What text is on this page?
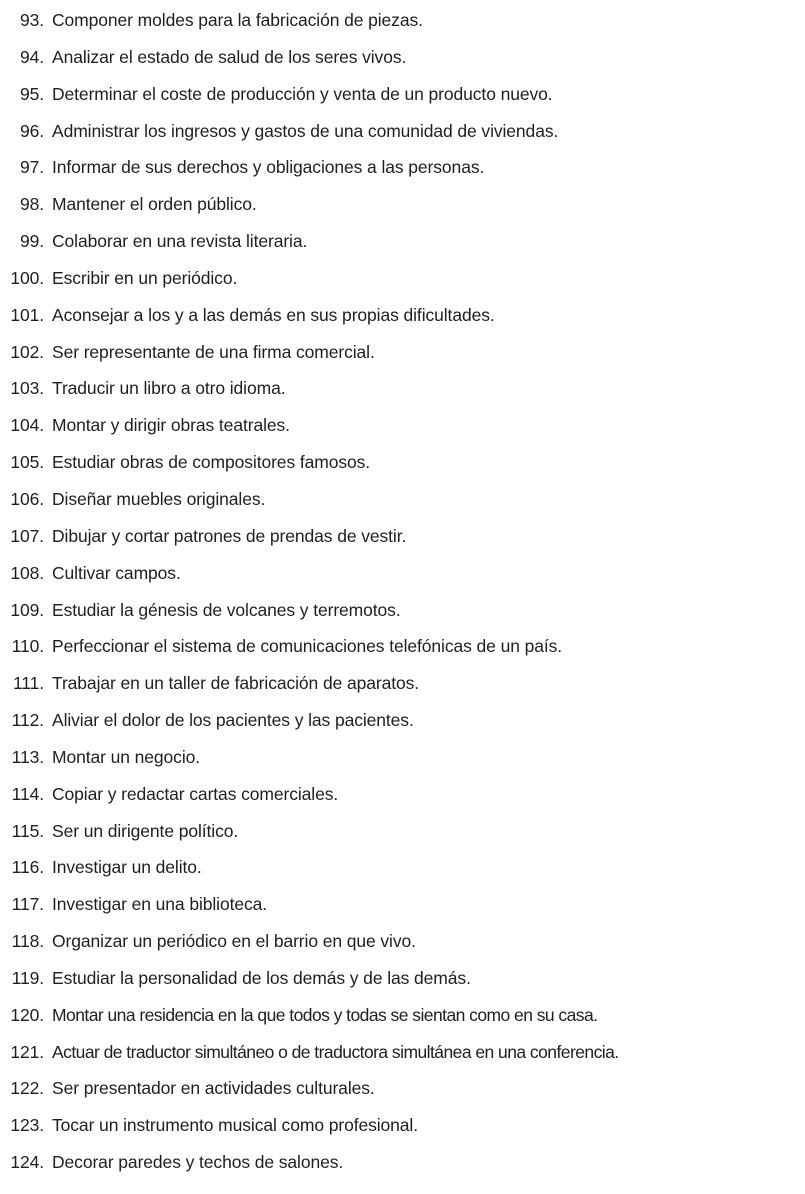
93. Componer moldes para la fabricación de piezas.
94. Analizar el estado de salud de los seres vivos.
95. Determinar el coste de producción y venta de un producto nuevo.
96. Administrar los ingresos y gastos de una comunidad de viviendas.
97. Informar de sus derechos y obligaciones a las personas.
98. Mantener el orden público.
99. Colaborar en una revista literaria.
100. Escribir en un periódico.
101. Aconsejar a los y a las demás en sus propias dificultades.
102. Ser representante de una firma comercial.
103. Traducir un libro a otro idioma.
104. Montar y dirigir obras teatrales.
105. Estudiar obras de compositores famosos.
106. Diseñar muebles originales.
107. Dibujar y cortar patrones de prendas de vestir.
108. Cultivar campos.
109. Estudiar la génesis de volcanes y terremotos.
110. Perfeccionar el sistema de comunicaciones telefónicas de un país.
111. Trabajar en un taller de fabricación de aparatos.
112. Aliviar el dolor de los pacientes y las pacientes.
113. Montar un negocio.
114. Copiar y redactar cartas comerciales.
115. Ser un dirigente político.
116. Investigar un delito.
117. Investigar en una biblioteca.
118. Organizar un periódico en el barrio en que vivo.
119. Estudiar la personalidad de los demás y de las demás.
120. Montar una residencia en la que todos y todas se sientan como en su casa.
121. Actuar de traductor simultáneo o de traductora simultánea en una conferencia.
122. Ser presentador en actividades culturales.
123. Tocar un instrumento musical como profesional.
124. Decorar paredes y techos de salones.
